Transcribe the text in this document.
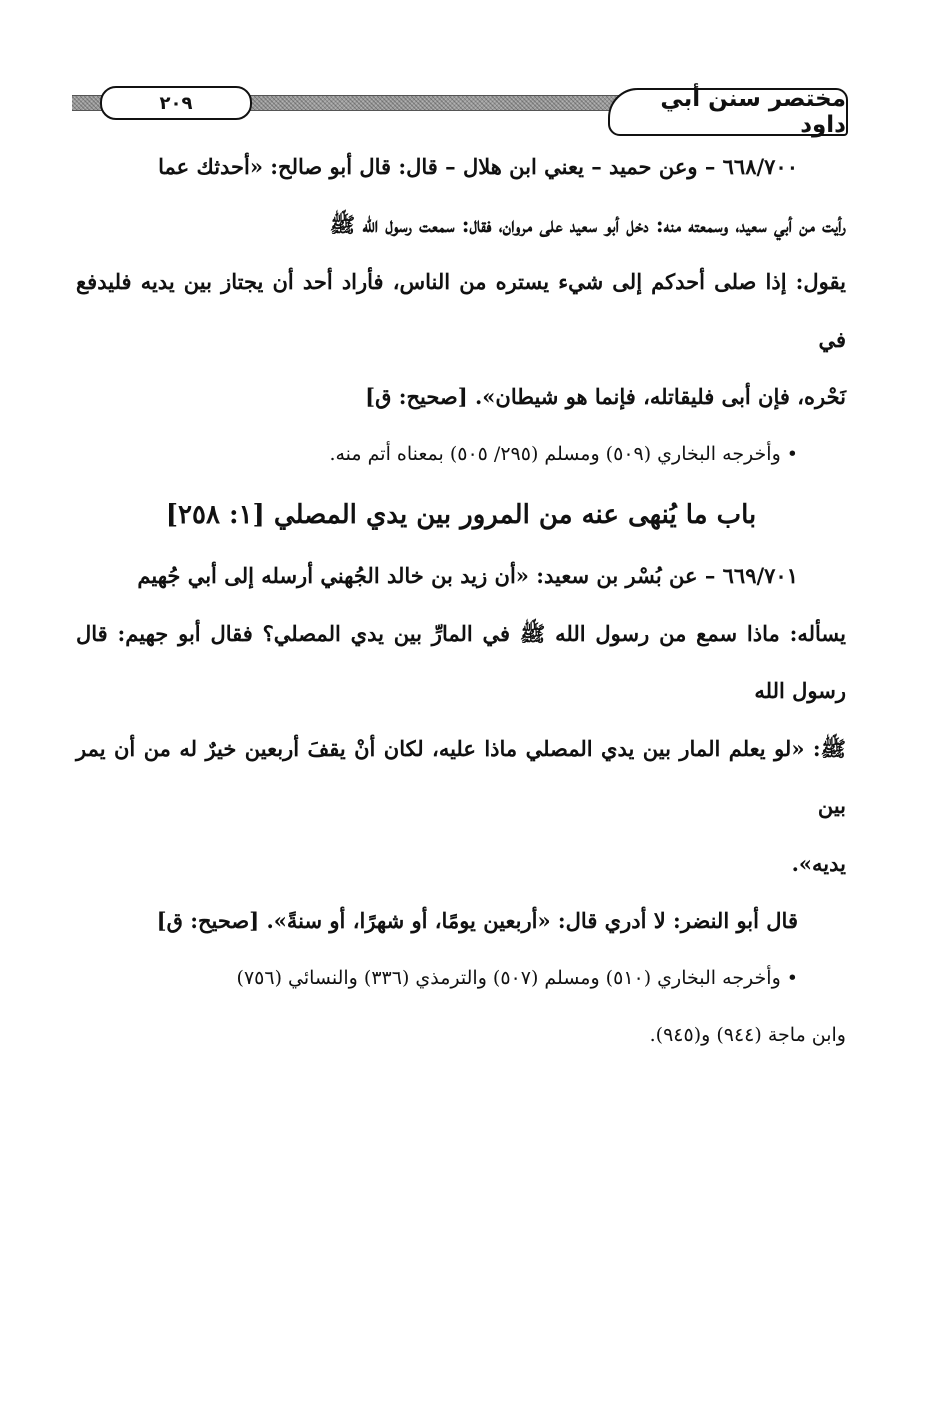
٢٠٩	مختصر سنن أبي داود

٦٦٨/٧٠٠ – وعن حميد – يعني ابن هلال – قال: قال أبو صالح: «أحدثك عما

رأيت من أبي سعيد، وسمعته منه: دخل أبو سعيد على مروان، فقال: سمعت رسول الله ﷺ

يقول: إذا صلى أحدكم إلى شيء يستره من الناس، فأراد أحد أن يجتاز بين يديه فليدفع في

نَحْره، فإن أبى فليقاتله، فإنما هو شيطان». [صحيح: ق]

• وأخرجه البخاري (٥٠٩) ومسلم (٢٩٥/ ٥٠٥) بمعناه أتم منه.

باب ما يُنهى عنه من المرور بين يدي المصلي [١: ٢٥٨]

٦٦٩/٧٠١ – عن بُسْر بن سعيد: «أن زيد بن خالد الجُهني أرسله إلى أبي جُهيم

يسأله: ماذا سمع من رسول الله ﷺ في المارِّ بين يدي المصلي؟ فقال أبو جهيم: قال رسول الله

ﷺ: «لو يعلم المار بين يدي المصلي ماذا عليه، لكان أنْ يقفَ أربعين خيرٌ له من أن يمر بين

يديه».

قال أبو النضر: لا أدري قال: «أربعين يومًا، أو شهرًا، أو سنةً». [صحيح: ق]

• وأخرجه البخاري (٥١٠) ومسلم (٥٠٧) والترمذي (٣٣٦) والنسائي (٧٥٦)

وابن ماجة (٩٤٤) و(٩٤٥).
